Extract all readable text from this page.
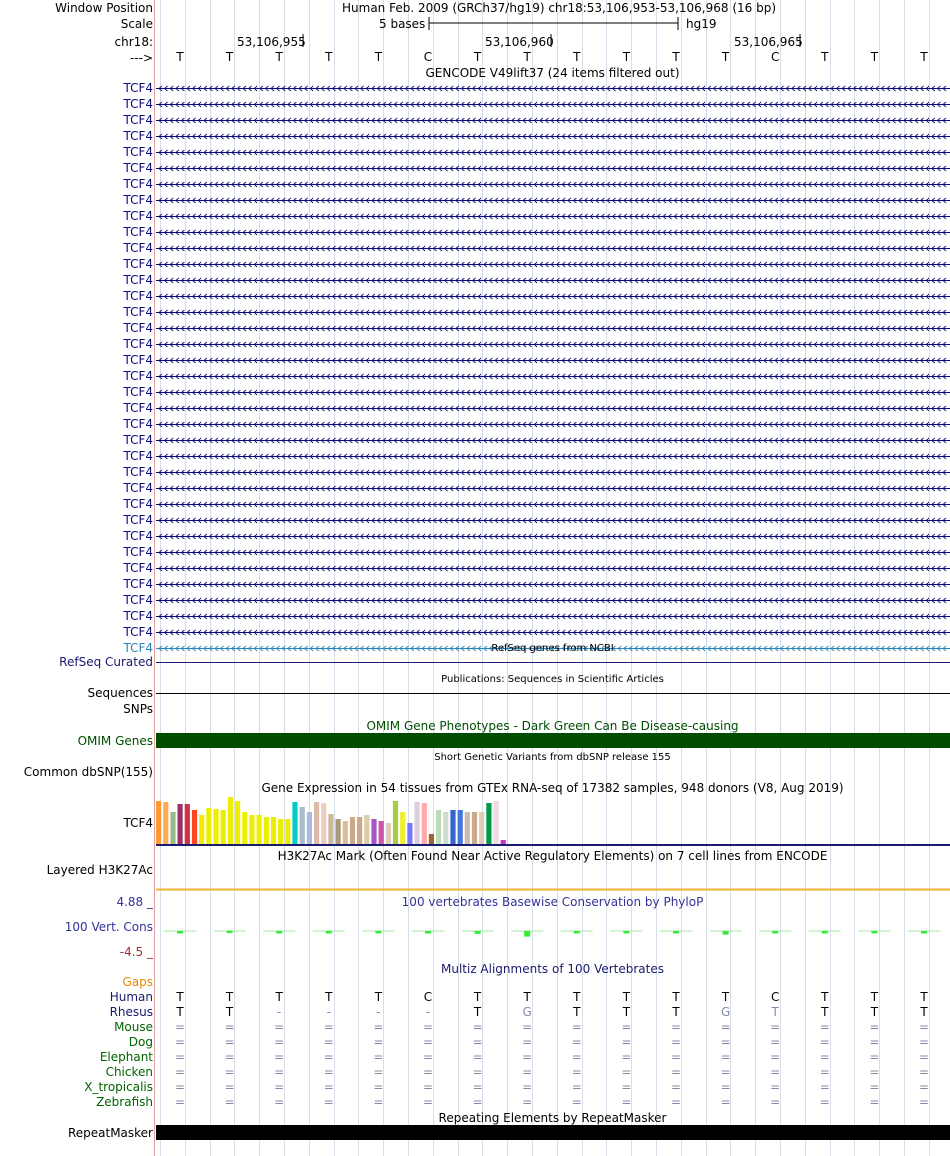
Window Position	Human Feb. 2009 (GRCh37/hg19) chr18:53,106,953-53,106,968 (16 bp)
Scale	5 bases	hg19
chr18:	53,106,955	53,106,960	53,106,965
--->	T	T	T	T	T	C	T	T	T	T	T	T	C	T	T	T
GENCODE V49lift37 (24 items filtered out)
TCF4
TCF4
TCF4
TCF4
TCF4
TCF4
TCF4
TCF4
TCF4
TCF4
TCF4
TCF4
TCF4
TCF4
TCF4
TCF4
TCF4
TCF4
TCF4
TCF4
TCF4
TCF4
TCF4
TCF4
TCF4
TCF4
TCF4
TCF4
TCF4
TCF4
TCF4
TCF4
TCF4
TCF4
TCF4
TCF4	RefSeq genes from NCBI
RefSeq Curated
Publications: Sequences in Scientific Articles
Sequences
SNPs
OMIM Gene Phenotypes - Dark Green Can Be Disease-causing
OMIM Genes
Short Genetic Variants from dbSNP release 155
Common dbSNP(155)
Gene Expression in 54 tissues from GTEx RNA-seq of 17382 samples, 948 donors (V8, Aug 2019)
TCF4
H3K27Ac Mark (Often Found Near Active Regulatory Elements) on 7 cell lines from ENCODE
Layered H3K27Ac
4.88 _	100 vertebrates Basewise Conservation by PhyloP
100 Vert. Cons
-4.5 _
Multiz Alignments of 100 Vertebrates
Gaps
Human	T	T	T	T	T	C	T	T	T	T	T	T	C	T	T	T
Rhesus	T	T	-	-	-	-	T	G	T	T	T	G	T	T	T	T
Mouse	=	=	=	=	=	=	=	=	=	=	=	=	=	=	=	=
Dog	=	=	=	=	=	=	=	=	=	=	=	=	=	=	=	=
Elephant	=	=	=	=	=	=	=	=	=	=	=	=	=	=	=	=
Chicken	=	=	=	=	=	=	=	=	=	=	=	=	=	=	=	=
X_tropicalis	=	=	=	=	=	=	=	=	=	=	=	=	=	=	=	=
Zebrafish	=	=	=	=	=	=	=	=	=	=	=	=	=	=	=	=
Repeating Elements by RepeatMasker
RepeatMasker
